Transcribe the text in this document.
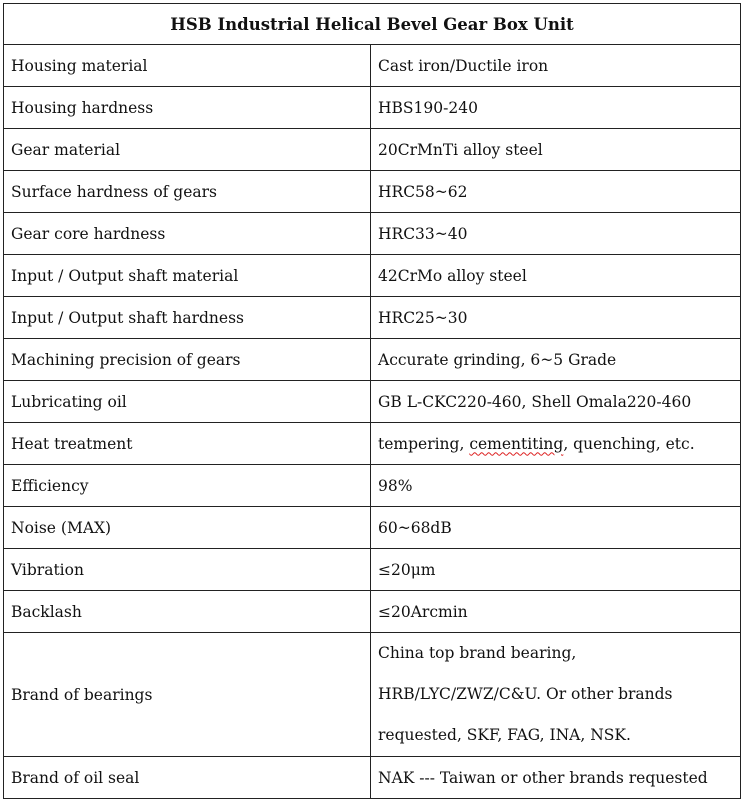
HSB Industrial Helical Bevel Gear Box Unit	
Housing material	Cast iron/Ductile iron
Housing hardness	HBS190-240
Gear material	20CrMnTi alloy steel
Surface hardness of gears	HRC58~62
Gear core hardness	HRC33~40
Input / Output shaft material	42CrMo alloy steel
Input / Output shaft hardness	HRC25~30
Machining precision of gears	Accurate grinding, 6~5 Grade
Lubricating oil	GB L-CKC220-460, Shell Omala220-460
Heat treatment	tempering, cementiting, quenching, etc.
Efficiency	98%
Noise (MAX)	60~68dB
Vibration	≤20μm
Backlash	≤20Arcmin
Brand of bearings	China top brand bearing,
HRB/LYC/ZWZ/C&U. Or other brands
requested, SKF, FAG, INA, NSK.

Brand of oil seal	NAK --- Taiwan or other brands requested
